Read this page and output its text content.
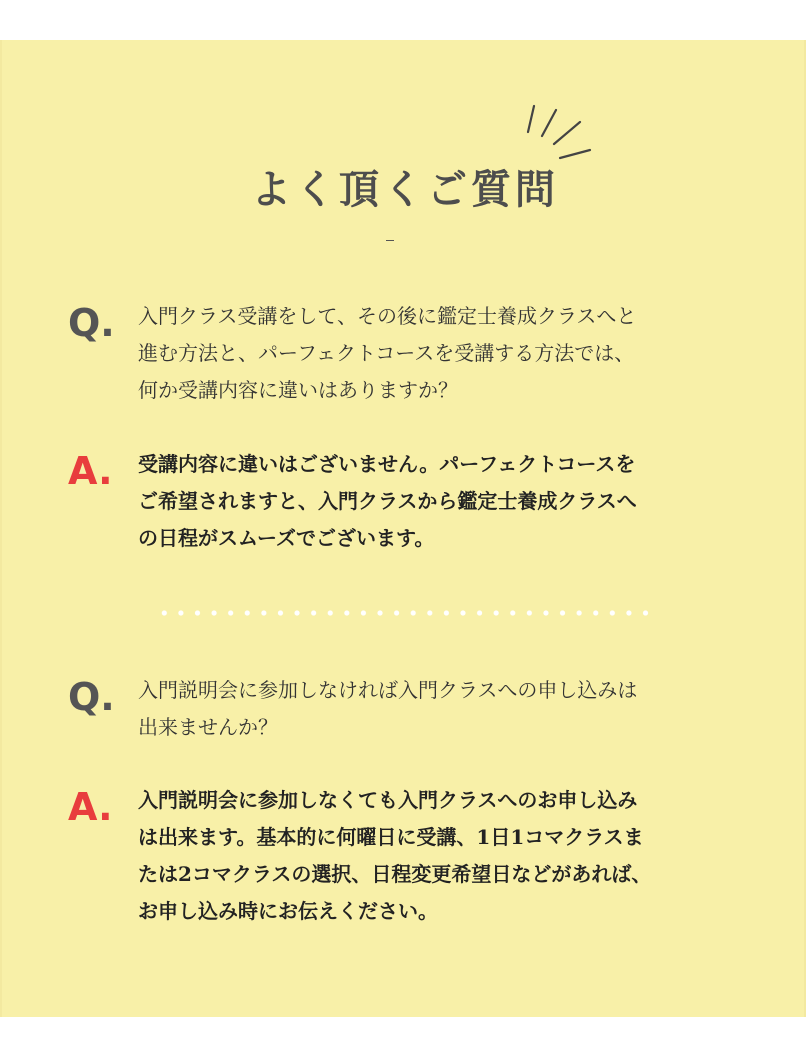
よく頂くご質問
Q. 入門クラス受講をして、その後に鑑定士養成クラスへと
進む方法と、パーフェクトコースを受講する方法では、
何か受講内容に違いはありますか？
A.	受講内容に違いはございません。パーフェクトコースを
ご希望されますと、入門クラスから鑑定士養成クラスへ
の日程がスムーズでございます。
Q. 入門説明会に参加しなければ入門クラスへの申し込みは
出来ませんか？
A.	入門説明会に参加しなくても入門クラスへのお申し込み
は出来ます。基本的に何曜日に受講、1日1コマクラスま
たは2コマクラスの選択、日程変更希望日などがあれば、
お申し込み時にお伝えください。
